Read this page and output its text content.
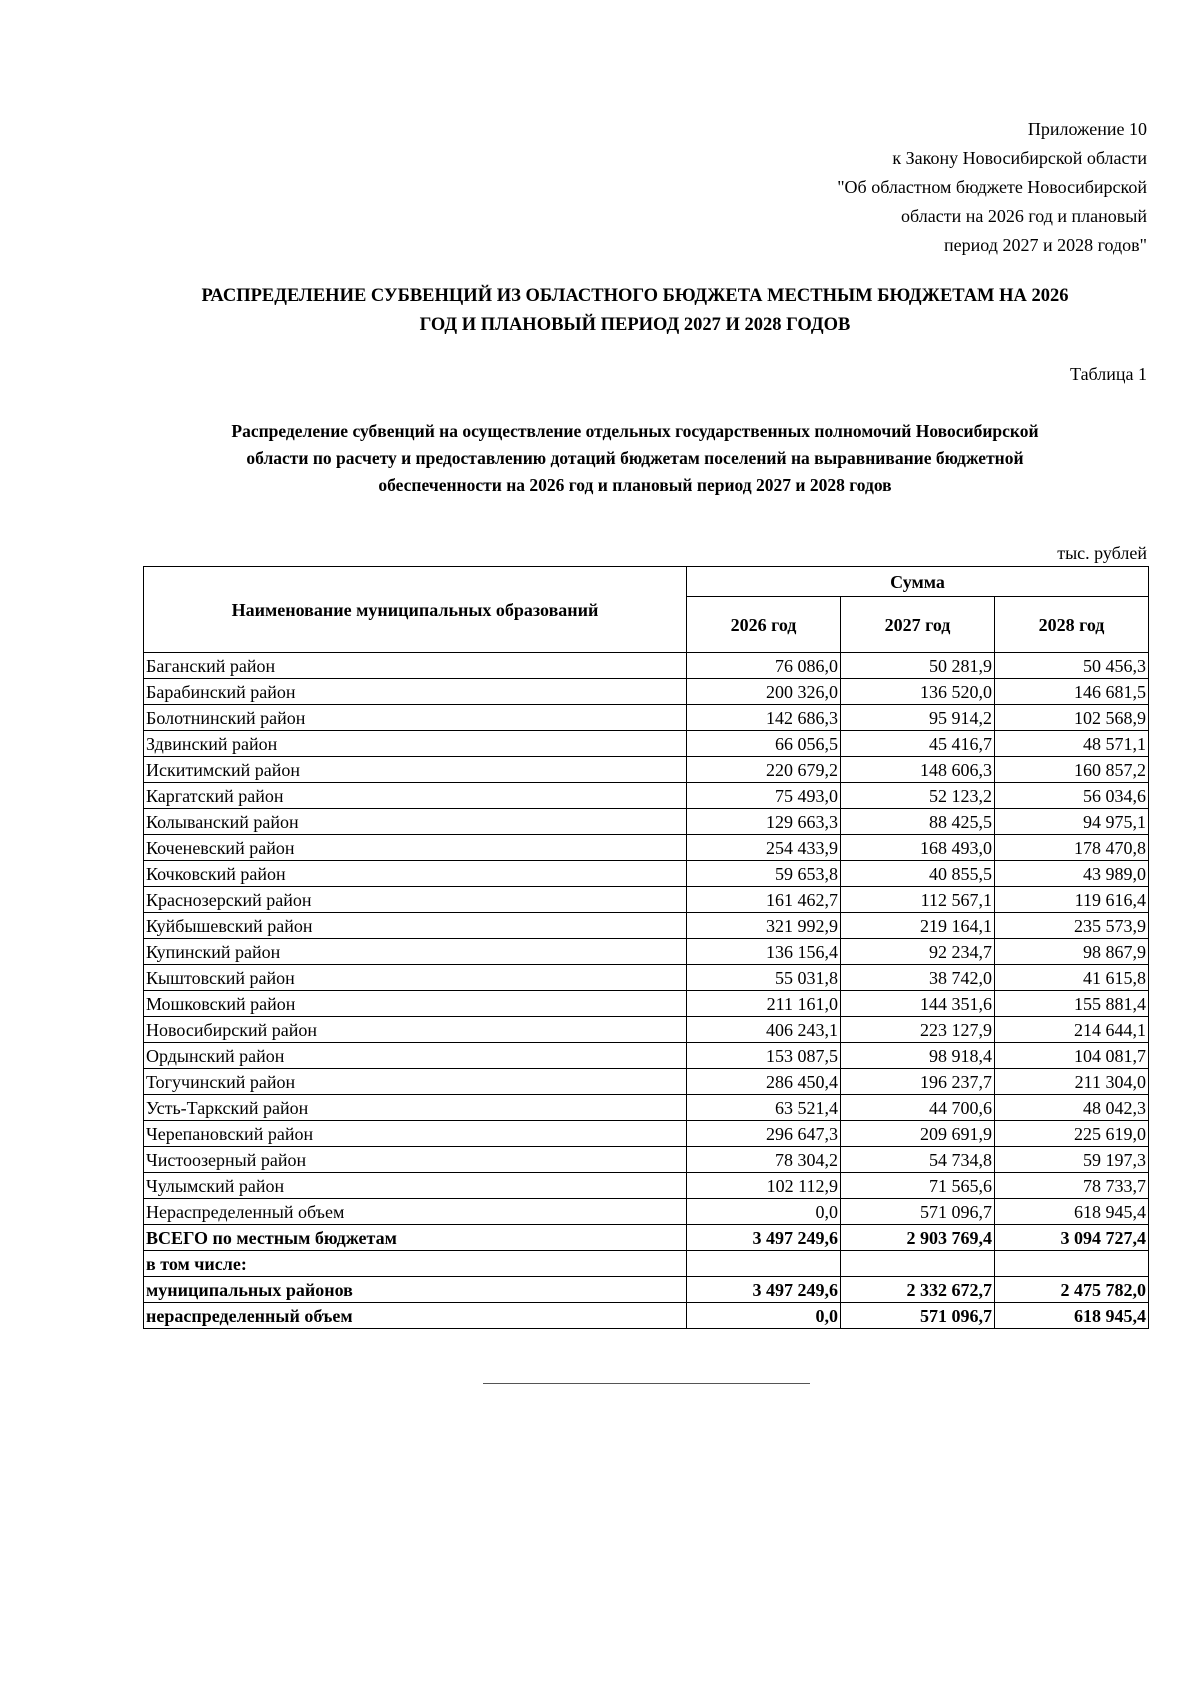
Приложение 10
к Закону Новосибирской области
"Об областном бюджете Новосибирской
области на 2026 год и плановый
период 2027 и 2028 годов"
РАСПРЕДЕЛЕНИЕ СУБВЕНЦИЙ ИЗ ОБЛАСТНОГО БЮДЖЕТА МЕСТНЫМ БЮДЖЕТАМ НА 2026
ГОД И ПЛАНОВЫЙ ПЕРИОД 2027 И 2028 ГОДОВ
Таблица 1
Распределение субвенций на осуществление отдельных государственных полномочий Новосибирской
области по расчету и предоставлению дотаций бюджетам поселений на выравнивание бюджетной
обеспеченности на 2026 год и плановый период 2027 и 2028 годов
тыс. рублей
Наименование муниципальных образований	Сумма		
	2026 год	2027 год	2028 год
Баганский район	76 086,0	50 281,9	50 456,3
Барабинский район	200 326,0	136 520,0	146 681,5
Болотнинский район	142 686,3	95 914,2	102 568,9
Здвинский район	66 056,5	45 416,7	48 571,1
Искитимский район	220 679,2	148 606,3	160 857,2
Каргатский район	75 493,0	52 123,2	56 034,6
Колыванский район	129 663,3	88 425,5	94 975,1
Коченевский район	254 433,9	168 493,0	178 470,8
Кочковский район	59 653,8	40 855,5	43 989,0
Краснозерский район	161 462,7	112 567,1	119 616,4
Куйбышевский район	321 992,9	219 164,1	235 573,9
Купинский район	136 156,4	92 234,7	98 867,9
Кыштовский район	55 031,8	38 742,0	41 615,8
Мошковский район	211 161,0	144 351,6	155 881,4
Новосибирский район	406 243,1	223 127,9	214 644,1
Ордынский район	153 087,5	98 918,4	104 081,7
Тогучинский район	286 450,4	196 237,7	211 304,0
Усть-Таркский район	63 521,4	44 700,6	48 042,3
Черепановский район	296 647,3	209 691,9	225 619,0
Чистоозерный район	78 304,2	54 734,8	59 197,3
Чулымский район	102 112,9	71 565,6	78 733,7
Нераспределенный объем	0,0	571 096,7	618 945,4
ВСЕГО по местным бюджетам	3 497 249,6	2 903 769,4	3 094 727,4
в том числе:			
муниципальных районов	3 497 249,6	2 332 672,7	2 475 782,0
нераспределенный объем	0,0	571 096,7	618 945,4
